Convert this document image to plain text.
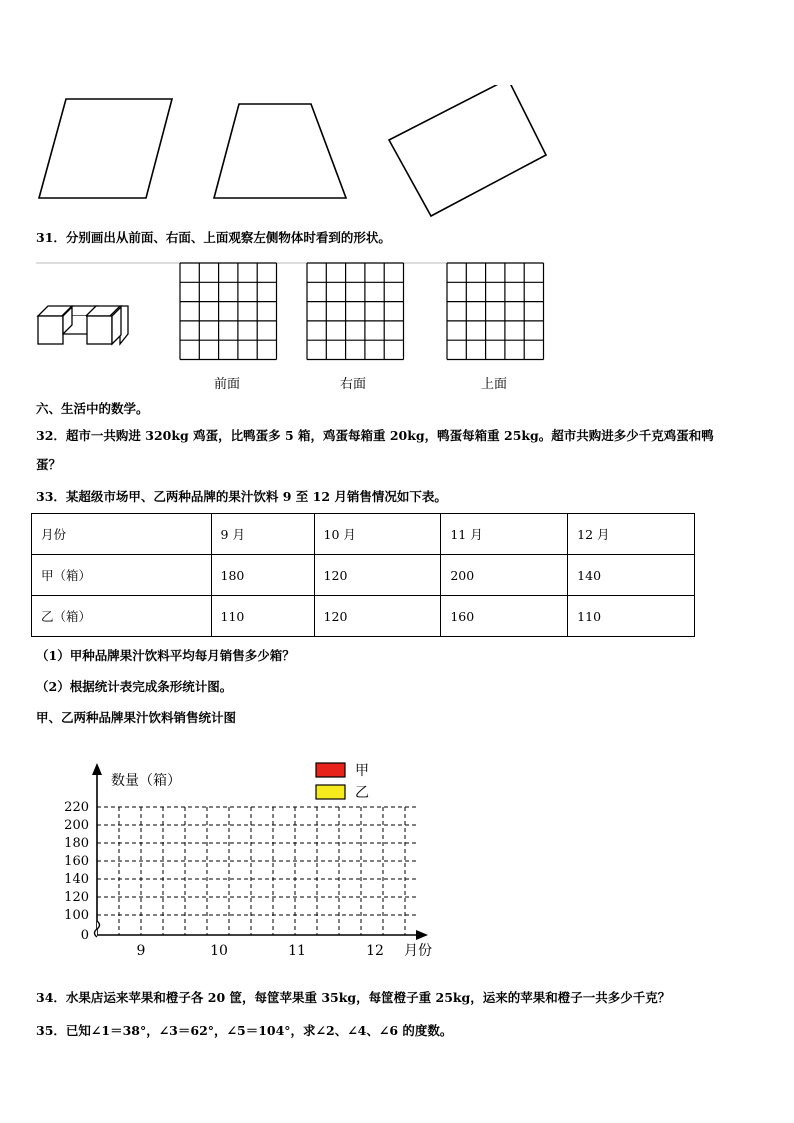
31．分别画出从前面、右面、上面观察左侧物体时看到的形状。
前面	右面	上面
六、生活中的数学。
32．超市一共购进 320kg 鸡蛋，比鸭蛋多 5 箱，鸡蛋每箱重 20kg，鸭蛋每箱重 25kg。超市共购进多少千克鸡蛋和鸭
蛋？
33．某超级市场甲、乙两种品牌的果汁饮料 9 至 12 月销售情况如下表。
月份	9 月	10 月	11 月	12 月
甲（箱）	180	120	200	140
乙（箱）	110	120	160	110
（1）甲种品牌果汁饮料平均每月销售多少箱？
（2）根据统计表完成条形统计图。
甲、乙两种品牌果汁饮料销售统计图
0
100
120
140
160
180
200
220
9	10	11	12
数量（箱）
月份
甲
乙
34．水果店运来苹果和橙子各 20 筐，每筐苹果重 35kg，每筐橙子重 25kg，运来的苹果和橙子一共多少千克？
35．已知∠1＝38°，∠3＝62°，∠5＝104°，求∠2、∠4、∠6 的度数。
